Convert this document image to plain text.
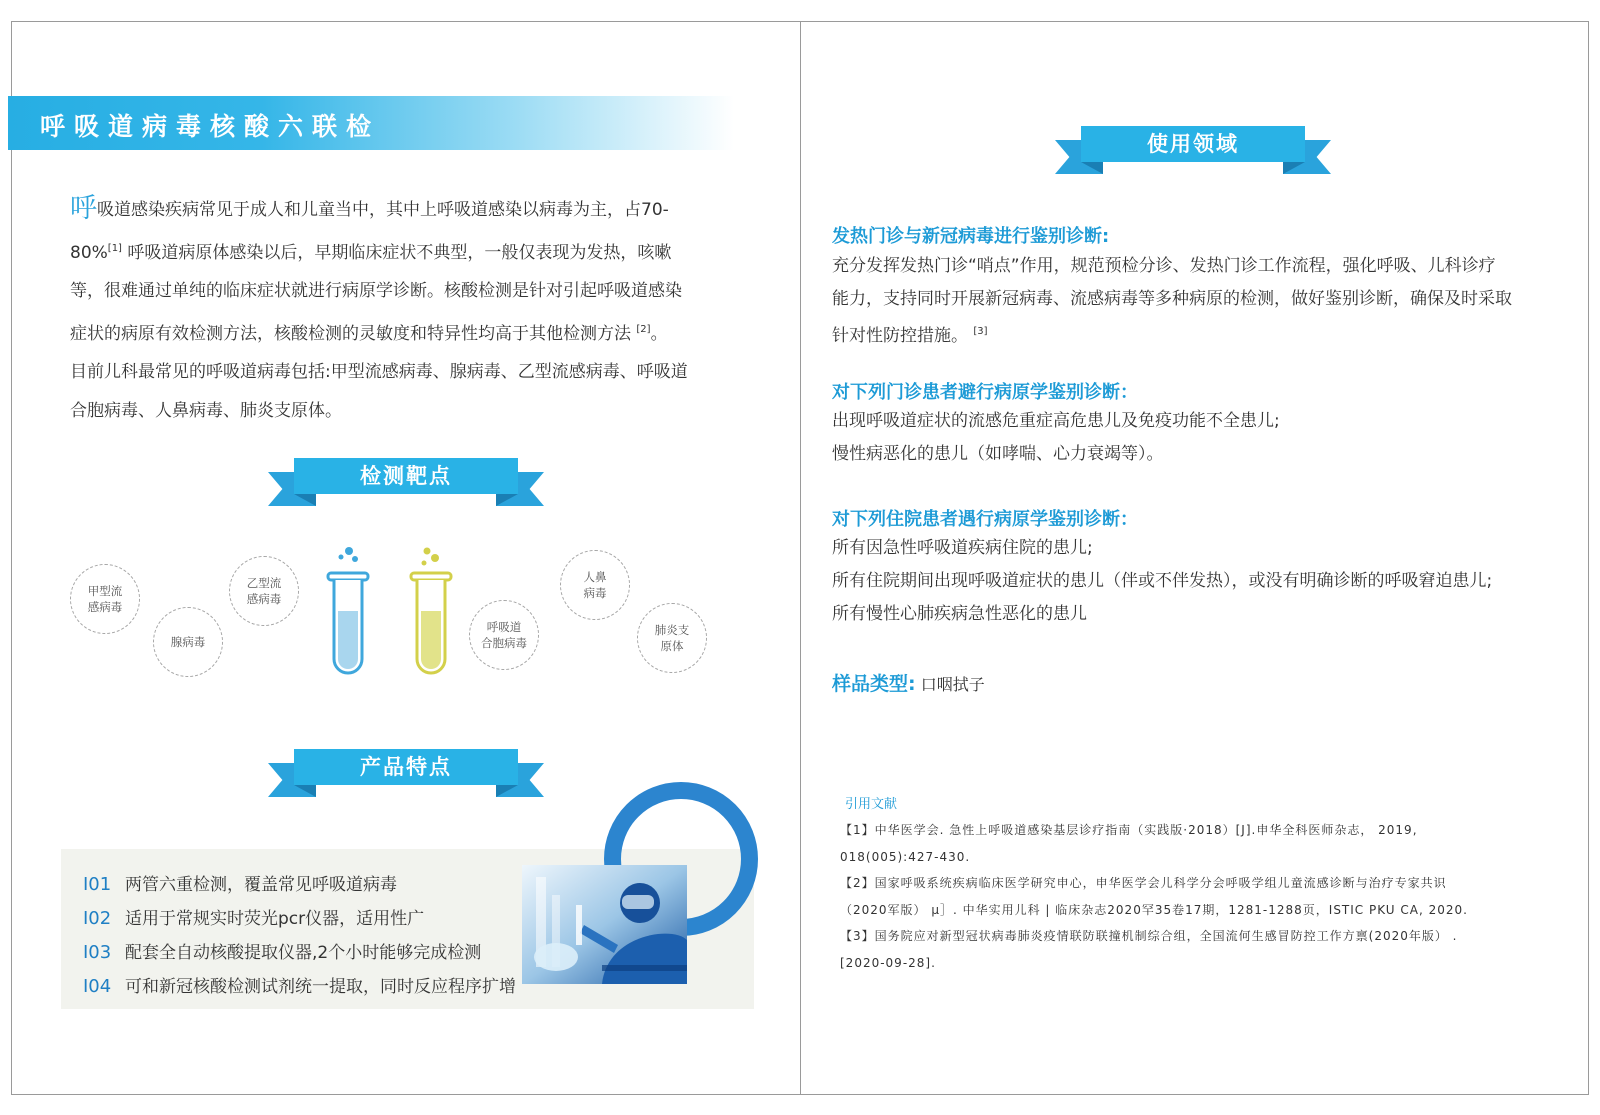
呼吸道病毒核酸六联检
呼吸道感染疾病常见于成人和儿童当中，其中上呼吸道感染以病毒为主，占70-
80%[1] 呼吸道病原体感染以后，早期临床症状不典型，一般仅表现为发热，咳嗽
等，很难通过单纯的临床症状就进行病原学诊断。核酸检测是针对引起呼吸道感染
症状的病原有效检测方法，核酸检测的灵敏度和特异性均高于其他检测方法 [2]。
目前儿科最常见的呼吸道病毒包括:甲型流感病毒、腺病毒、乙型流感病毒、呼吸道
合胞病毒、人鼻病毒、肺炎支原体。
检测靶点
甲型流
感病毒
腺病毒
乙型流
感病毒
呼吸道
合胞病毒
人鼻
病毒
肺炎支
原体
产品特点
I01 两管六重检测，覆盖常见呼吸道病毒
I02 适用于常规实时荧光pcr仪器，适用性广
I03 配套全自动核酸提取仪器,2个小时能够完成检测
I04 可和新冠核酸检测试剂统一提取，同时反应程序扩增
使用领域
发热门诊与新冠病毒进行鉴别诊断:
充分发挥发热门诊“哨点”作用，规范预检分诊、发热门诊工作流程，强化呼吸、儿科诊疗
能力，支持同时开展新冠病毒、流感病毒等多种病原的检测，做好鉴别诊断，确保及时采取
针对性防控措施。 [3]
对下列门诊患者避行病原学鉴别诊断：
出现呼吸道症状的流感危重症高危患儿及免疫功能不全患儿;
慢性病恶化的患儿（如哮喘、心力衰竭等）。
对下列住院患者遇行病原学鉴别诊断：
所有因急性呼吸道疾病住院的患儿;
所有住院期间出现呼吸道症状的患儿（伴或不伴发热），或没有明确诊断的呼吸窘迫患儿;
所有慢性心肺疾病急性恶化的患儿
样品类型: 口咽拭子
引用文献
【1】中华医学会. 急性上呼吸道感染基层诊疗指南（实践版·2018）[J].申华全科医师杂志， 2019,
018(005):427-430.
【2】国家呼吸系统疾病临床医学研究申心，申华医学会儿科学分会呼吸学组儿童流感诊断与治疗专家共识
（2020军版） μ］. 中华实用儿科 | 临床杂志2020罕35卷17期，1281-1288页，ISTIC PKU CA, 2020.
【3】国务院应对新型冠状病毒肺炎疫情联防联撞机制综合组，全国流何生感冒防控工作方禀(2020年版） .
[2020-09-28].
